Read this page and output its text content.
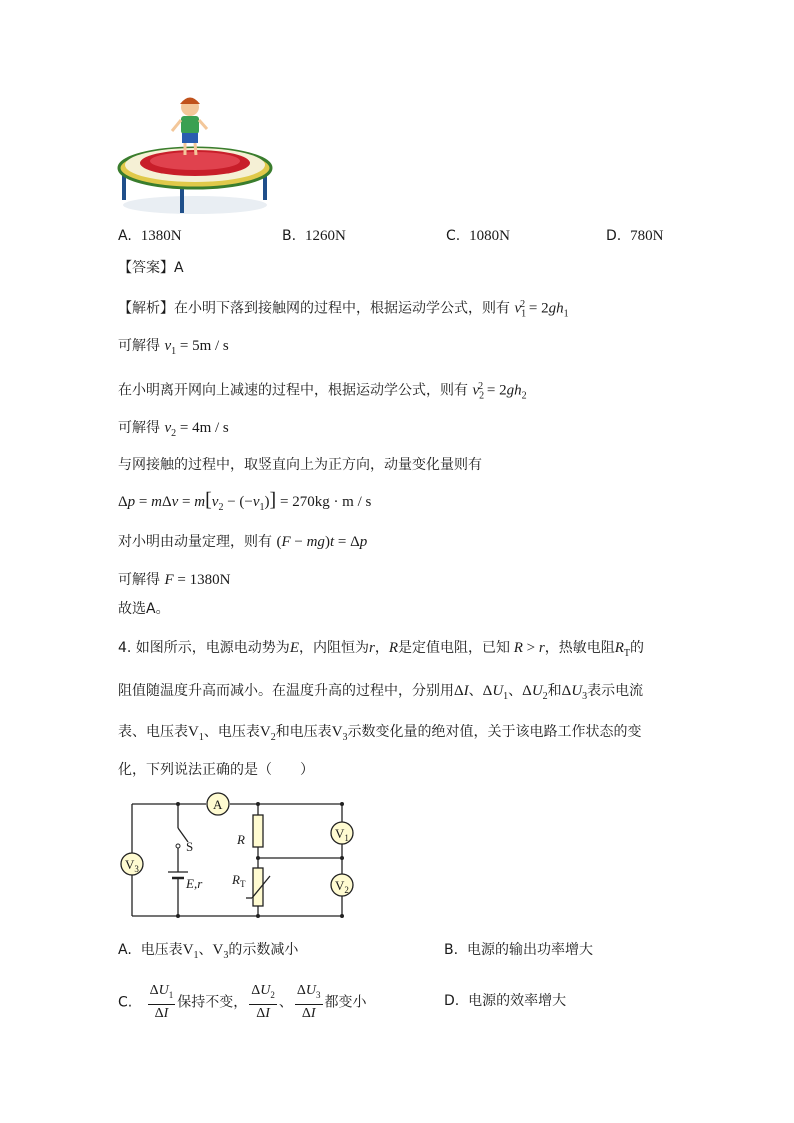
A. 1380N	B. 1260N	C. 1080N	D. 780N
【答案】A
【解析】在小明下落到接触网的过程中，根据运动学公式，则有 $v_1^2 = 2gh_1$
可解得 $v_1 = 5m / s$
在小明离开网向上减速的过程中，根据运动学公式，则有 $v_2^2 = 2gh_2$
可解得 $v_2 = 4m / s$
与网接触的过程中，取竖直向上为正方向，动量变化量则有
$\Delta p = m\Delta v = m[v_2 - (-v_1)] = 270kg \cdot m / s$
对小明由动量定理，则有 (F − mg)t = Δp
可解得 F = 1380N
故选A。
4. 如图所示，电源电动势为E，内阻恒为r，R是定值电阻，已知 R > r，热敏电阻$R_T$的
阻值随温度升高而减小。在温度升高的过程中，分别用ΔI、$\Delta U_1$、$\Delta U_2$和$\Delta U_3$表示电流
表、电压表$V_1$、电压表$V_2$和电压表$V_3$示数变化量的绝对值，关于该电路工作状态的变
化，下列说法正确的是（　　）
A
$V_1$
$V_2$
$V_3$
S
E,r
R
$R_T$
A. 电压表$V_1$、$V_3$的示数减小	B. 电源的输出功率增大
C. $\frac{\Delta U_1}{\Delta I}$ 保持不变， $\frac{\Delta U_2}{\Delta I}$ 、 $\frac{\Delta U_3}{\Delta I}$ 都变小	D. 电源的效率增大
